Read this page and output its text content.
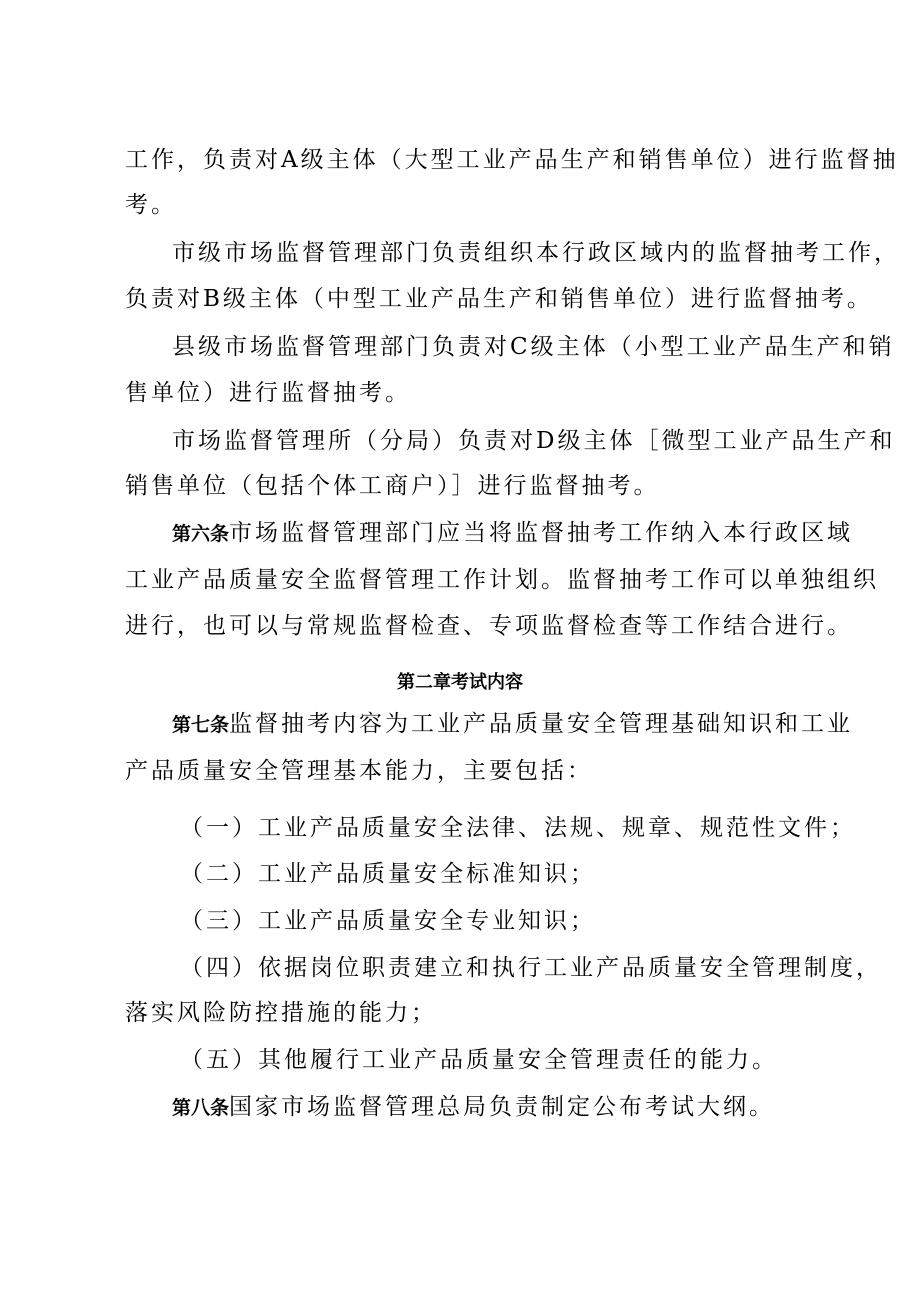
工作，负责对A级主体（大型工业产品生产和销售单位）进行监督抽
考。
市级市场监督管理部门负责组织本行政区域内的监督抽考工作，
负责对B级主体（中型工业产品生产和销售单位）进行监督抽考。
县级市场监督管理部门负责对C级主体（小型工业产品生产和销
售单位）进行监督抽考。
市场监督管理所（分局）负责对D级主体［微型工业产品生产和
销售单位（包括个体工商户）］进行监督抽考。
第六条市场监督管理部门应当将监督抽考工作纳入本行政区域
工业产品质量安全监督管理工作计划。监督抽考工作可以单独组织
进行，也可以与常规监督检查、专项监督检查等工作结合进行。
第二章考试内容
第七条监督抽考内容为工业产品质量安全管理基础知识和工业
产品质量安全管理基本能力，主要包括：
（一）工业产品质量安全法律、法规、规章、规范性文件；
（二）工业产品质量安全标准知识；
（三）工业产品质量安全专业知识；
（四）依据岗位职责建立和执行工业产品质量安全管理制度，
落实风险防控措施的能力；
（五）其他履行工业产品质量安全管理责任的能力。
第八条国家市场监督管理总局负责制定公布考试大纲。
